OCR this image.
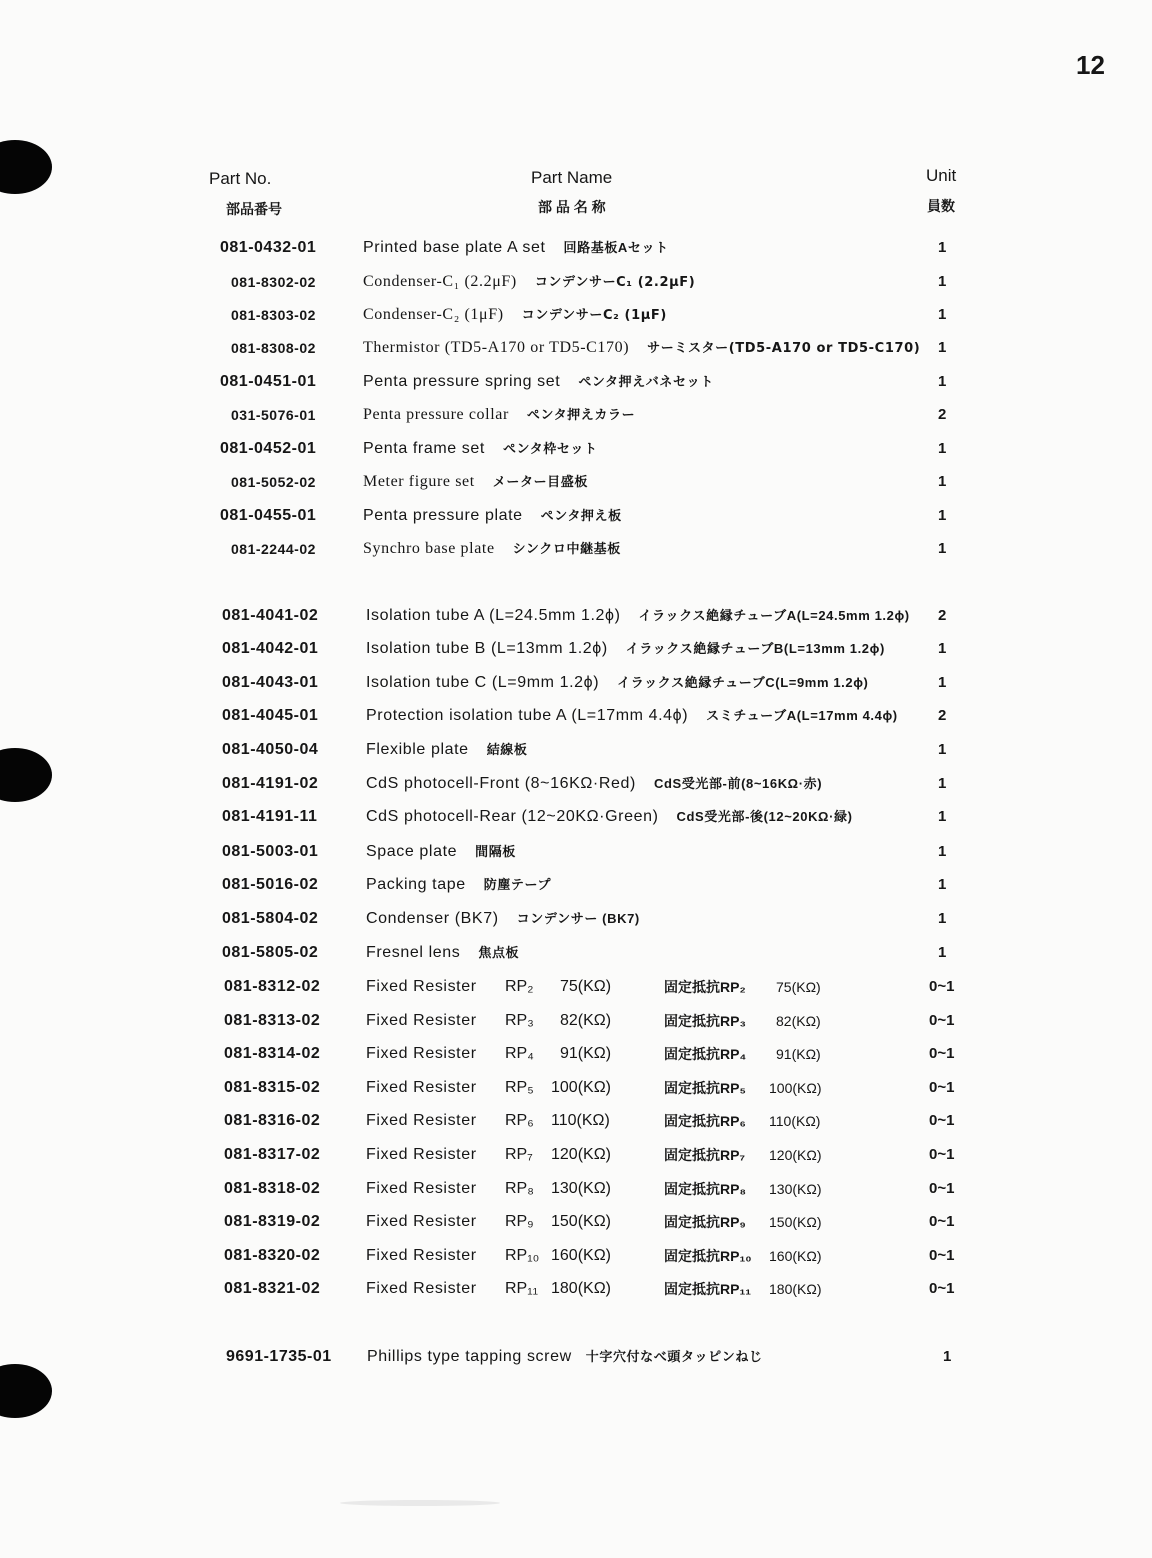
12
Part No.
部品番号
Part Name
部 品 名 称
Unit
員数
081-0432-01	Printed base plate A set 回路基板Aセット	1
081-8302-02	Condenser-C₁ (2.2μF) コンデンサーC₁ (2.2μF)	1
081-8303-02	Condenser-C₂ (1μF) コンデンサーC₂ (1μF)	1
081-8308-02	Thermistor (TD5-A170 or TD5-C170) サーミスター(TD5-A170 or TD5-C170) 1
081-0451-01	Penta pressure spring set ペンタ押えバネセット	1
031-5076-01	Penta pressure collar ペンタ押えカラー	2
081-0452-01	Penta frame set ペンタ枠セット	1
081-5052-02	Meter figure set メーター目盛板	1
081-0455-01	Penta pressure plate ペンタ押え板	1
081-2244-02	Synchro base plate シンクロ中継基板	1
081-4041-02	Isolation tube A (L=24.5mm 1.2ϕ) イラックス絶縁チューブA(L=24.5mm 1.2ϕ) 2
081-4042-01	Isolation tube B (L=13mm 1.2ϕ) イラックス絶縁チューブB(L=13mm 1.2ϕ)	1
081-4043-01	Isolation tube C (L=9mm 1.2ϕ) イラックス絶縁チューブC(L=9mm 1.2ϕ)	1
081-4045-01	Protection isolation tube A (L=17mm 4.4ϕ) スミチューブA(L=17mm 4.4ϕ)	2
081-4050-04	Flexible plate 結線板	1
081-4191-02	CdS photocell-Front (8~16KΩ·Red) CdS受光部-前(8~16KΩ·赤)	1
081-4191-11	CdS photocell-Rear (12~20KΩ·Green) CdS受光部-後(12~20KΩ·緑)	1
081-5003-01	Space plate 間隔板	1
081-5016-02	Packing tape 防塵テープ	1
081-5804-02	Condenser (BK7) コンデンサー (BK7)	1
081-5805-02	Fresnel lens 焦点板	1
081-8312-02	Fixed Resister RP₂ 75(KΩ)	固定抵抗RP₂ 75(KΩ)	0~1
081-8313-02	Fixed Resister RP₃ 82(KΩ)	固定抵抗RP₃ 82(KΩ)	0~1
081-8314-02	Fixed Resister RP₄ 91(KΩ)	固定抵抗RP₄ 91(KΩ)	0~1
081-8315-02	Fixed Resister RP₅ 100(KΩ)	固定抵抗RP₅ 100(KΩ)	0~1
081-8316-02	Fixed Resister RP₆ 110(KΩ)	固定抵抗RP₆ 110(KΩ)	0~1
081-8317-02	Fixed Resister RP₇ 120(KΩ)	固定抵抗RP₇ 120(KΩ)	0~1
081-8318-02	Fixed Resister RP₈ 130(KΩ)	固定抵抗RP₈ 130(KΩ)	0~1
081-8319-02	Fixed Resister RP₉ 150(KΩ)	固定抵抗RP₉ 150(KΩ)	0~1
081-8320-02	Fixed Resister RP₁₀ 160(KΩ)	固定抵抗RP₁₀ 160(KΩ)	0~1
081-8321-02	Fixed Resister RP₁₁ 180(KΩ)	固定抵抗RP₁₁ 180(KΩ)	0~1
9691-1735-01 Phillips type tapping screw 十字穴付なべ頭タッピンねじ	1
